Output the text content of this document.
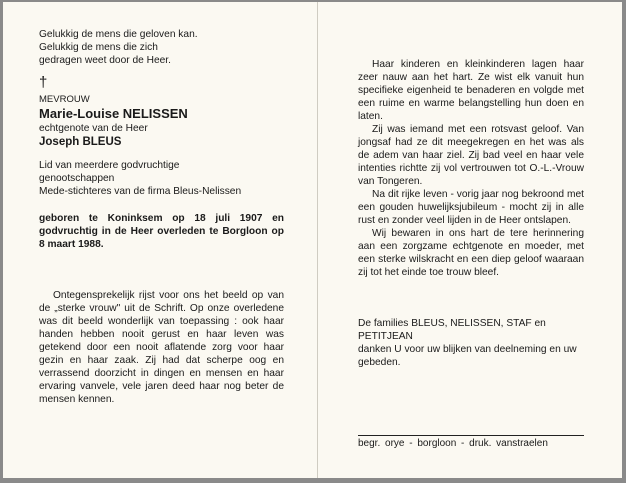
Gelukkig de mens die geloven kan.

Gelukkig de mens die zich

gedragen weet door de Heer.

†

MEVROUW

Marie-Louise NELISSEN

echtgenote van de Heer

Joseph BLEUS

Lid van meerdere godvruchtige

genootschappen

Mede-stichteres van de firma Bleus-Nelissen

geboren te Koninksem op 18 juli 1907 en godvruchtig in de Heer overleden te Borgloon op 8 maart 1988.

Ontegensprekelijk rijst voor ons het beeld op van de „sterke vrouw" uit de Schrift. Op onze overledene was dit beeld wonderlijk van toepassing : ook haar handen hebben nooit gerust en haar leven was getekend door een nooit aflatende zorg voor haar gezin en haar zaak. Zij had dat scherpe oog en verrassend doorzicht in dingen en mensen en haar ervaring vanvele, vele jaren deed haar nog beter de mensen kennen.

Haar kinderen en kleinkinderen lagen haar zeer nauw aan het hart. Ze wist elk vanuit hun specifieke eigenheid te benaderen en volgde met een ruime en warme belangstelling hun doen en laten.

Zij was iemand met een rotsvast geloof. Van jongsaf had ze dit meegekregen en het was als de adem van haar ziel. Zij bad veel en haar vele intenties richtte zij vol vertrouwen tot O.-L.-Vrouw van Tongeren.

Na dit rijke leven - vorig jaar nog bekroond met een gouden huwelijksjubileum - mocht zij in alle rust en zonder veel lijden in de Heer ontslapen.

Wij bewaren in ons hart de tere herinnering aan een zorgzame echtgenote en moeder, met een sterke wilskracht en een diep geloof waaraan zij tot het einde toe trouw bleef.

De families BLEUS, NELISSEN, STAF en PETITJEAN

danken U voor uw blijken van deelneming en uw gebeden.

begr. orye - borgloon - druk. vanstraelen
